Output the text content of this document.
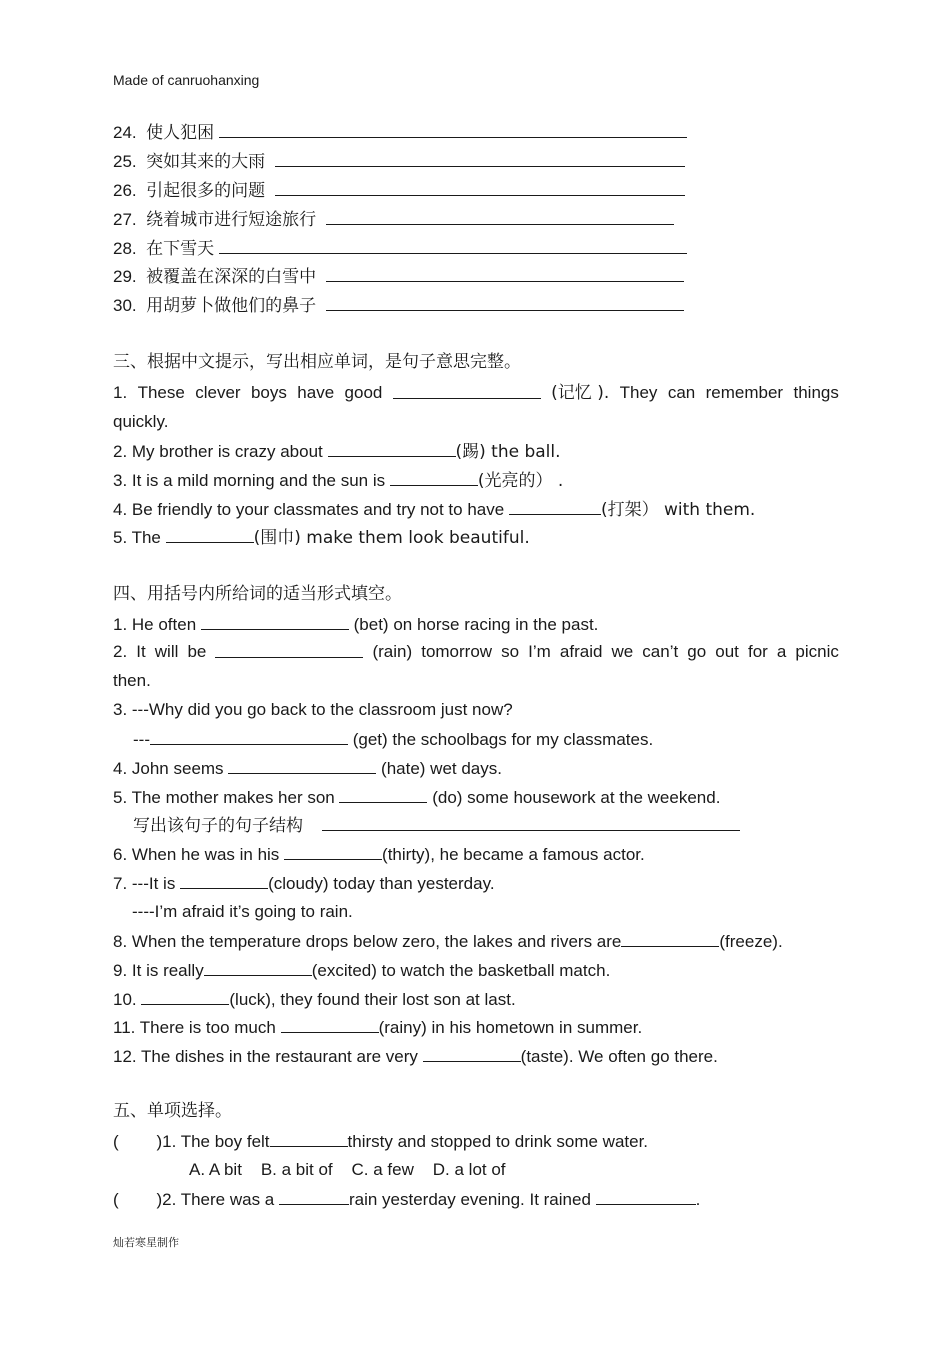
Made of canruohanxing
24. 使人犯困
25. 突如其来的大雨
26. 引起很多的问题
27. 绕着城市进行短途旅行
28. 在下雪天
29. 被覆盖在深深的白雪中
30. 用胡萝卜做他们的鼻子
三、根据中文提示，写出相应单词，是句子意思完整。
1. These clever boys have good	(记忆 ). They can remember things
quickly.
2. My brother is crazy about	(踢) the ball.
3. It is a mild morning and the sun is	(光亮的） .
4. Be friendly to your classmates and try not to have	(打架） with them.
5. The	(围巾) make them look beautiful.
四、用括号内所给词的适当形式填空。
1. He often	(bet) on horse racing in the past.
2. It will be	(rain) tomorrow so I’m afraid we can’t go out for a picnic
then.
3. ---Why did you go back to the classroom just now?
---	(get) the schoolbags for my classmates.
4. John seems	(hate) wet days.
5. The mother makes her son	(do) some housework at the weekend.
写出该句子的句子结构
6. When he was in his	(thirty), he became a famous actor.
7. ---It is	(cloudy) today than yesterday.
----I’m afraid it’s going to rain.
8. When the temperature drops below zero, the lakes and rivers are	(freeze).
9. It is really	(excited) to watch the basketball match.
10.	(luck), they found their lost son at last.
11. There is too much	(rainy) in his hometown in summer.
12. The dishes in the restaurant are very	(taste). We often go there.
五、单项选择。
(        )1. The boy felt	thirsty and stopped to drink some water.
A. A bit    B. a bit of    C. a few    D. a lot of
(        )2. There was a	rain yesterday evening. It rained	.
灿若寒星制作
